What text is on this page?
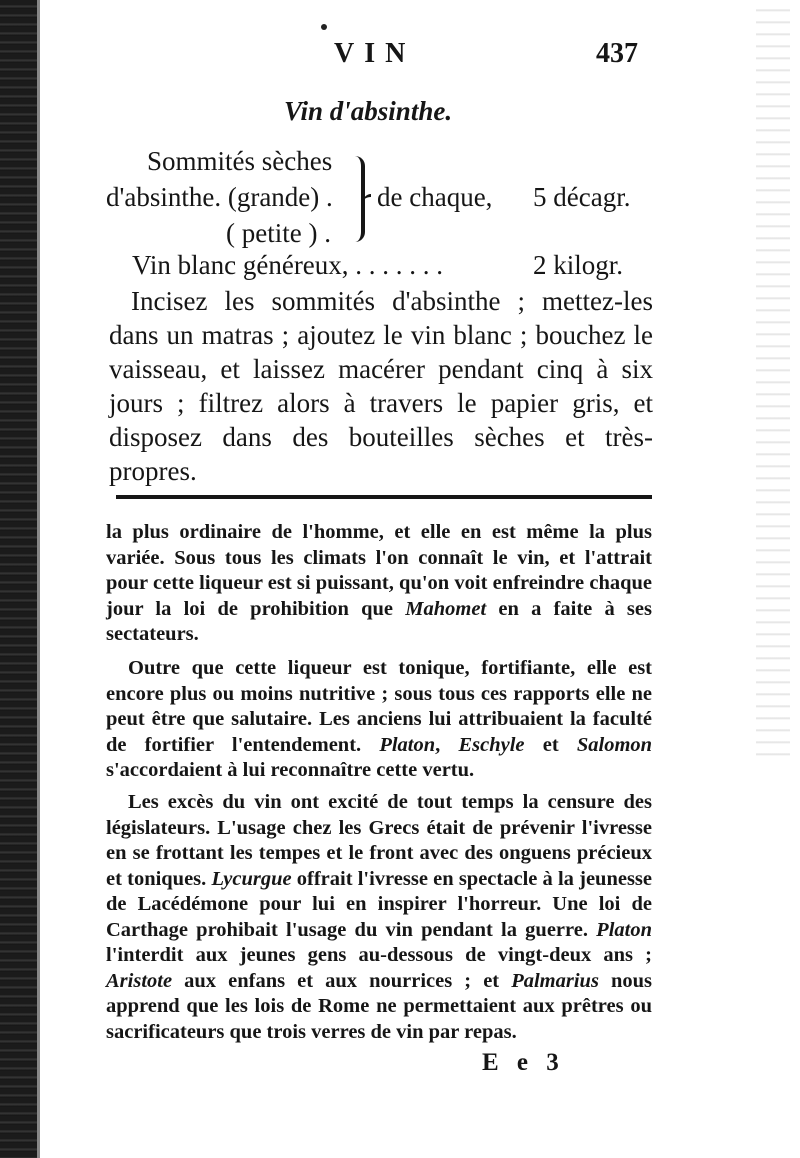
VIN	437
Vin d'absinthe.
Sommités sèches
d'absinthe. (grande) . de chaque, 5 décagr.
( petite ) .
Vin blanc généreux, . . . . . . .	2 kilogr.

Incisez les sommités d'absinthe ; mettez-les dans un matras ; ajoutez le vin blanc ; bouchez le vaisseau, et laissez macérer pendant cinq à six jours ; filtrez alors à travers le papier gris, et disposez dans des bouteilles sèches et très-propres.

la plus ordinaire de l'homme, et elle en est même la plus variée. Sous tous les climats l'on connaît le vin, et l'attrait pour cette liqueur est si puissant, qu'on voit enfreindre chaque jour la loi de prohibition que Mahomet en a faite à ses sectateurs.

Outre que cette liqueur est tonique, fortifiante, elle est encore plus ou moins nutritive ; sous tous ces rapports elle ne peut être que salutaire. Les anciens lui attribuaient la faculté de fortifier l'entendement. Platon, Eschyle et Salomon s'accordaient à lui reconnaître cette vertu.

Les excès du vin ont excité de tout temps la censure des législateurs. L'usage chez les Grecs était de prévenir l'ivresse en se frottant les tempes et le front avec des onguens précieux et toniques. Lycurgue offrait l'ivresse en spectacle à la jeunesse de Lacédémone pour lui en inspirer l'horreur. Une loi de Carthage prohibait l'usage du vin pendant la guerre. Platon l'interdit aux jeunes gens au-dessous de vingt-deux ans ; Aristote aux enfans et aux nourrices ; et Palmarius nous apprend que les lois de Rome ne permettaient aux prêtres ou sacrificateurs que trois verres de vin par repas.

E e 3
